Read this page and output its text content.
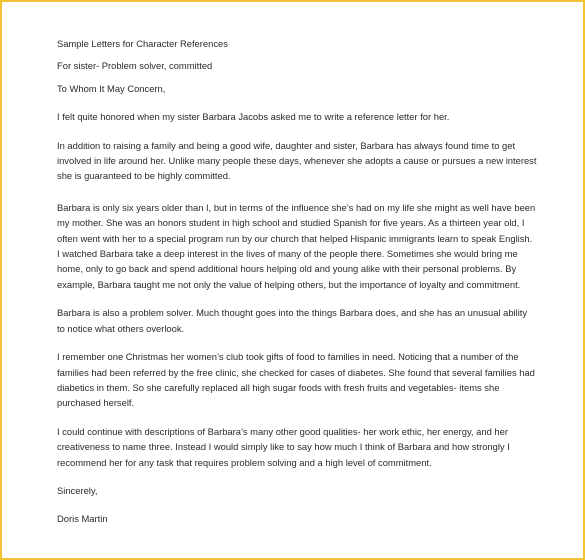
Sample Letters for Character References

For sister- Problem solver, committed

To Whom It May Concern,

I felt quite honored when my sister Barbara Jacobs asked me to write a reference letter for her.

In addition to raising a family and being a good wife, daughter and sister, Barbara has always found time to get involved in life around her. Unlike many people these days, whenever she adopts a cause or pursues a new interest she is guaranteed to be highly committed.

Barbara is only six years older than I, but in terms of the influence she’s had on my life she might as well have been my mother. She was an honors student in high school and studied Spanish for five years. As a thirteen year old, I often went with her to a special program run by our church that helped Hispanic immigrants learn to speak English. I watched Barbara take a deep interest in the lives of many of the people there. Sometimes she would bring me home, only to go back and spend additional hours helping old and young alike with their personal problems. By example, Barbara taught me not only the value of helping others, but the importance of loyalty and commitment.

Barbara is also a problem solver. Much thought goes into the things Barbara does, and she has an unusual ability to notice what others overlook.

I remember one Christmas her women’s club took gifts of food to families in need. Noticing that a number of the families had been referred by the free clinic, she checked for cases of diabetes. She found that several families had diabetics in them. So she carefully replaced all high sugar foods with fresh fruits and vegetables- items she purchased herself.

I could continue with descriptions of Barbara’s many other good qualities- her work ethic, her energy, and her creativeness to name three. Instead I would simply like to say how much I think of Barbara and how strongly I recommend her for any task that requires problem solving and a high level of commitment.

Sincerely,

Doris Martin
